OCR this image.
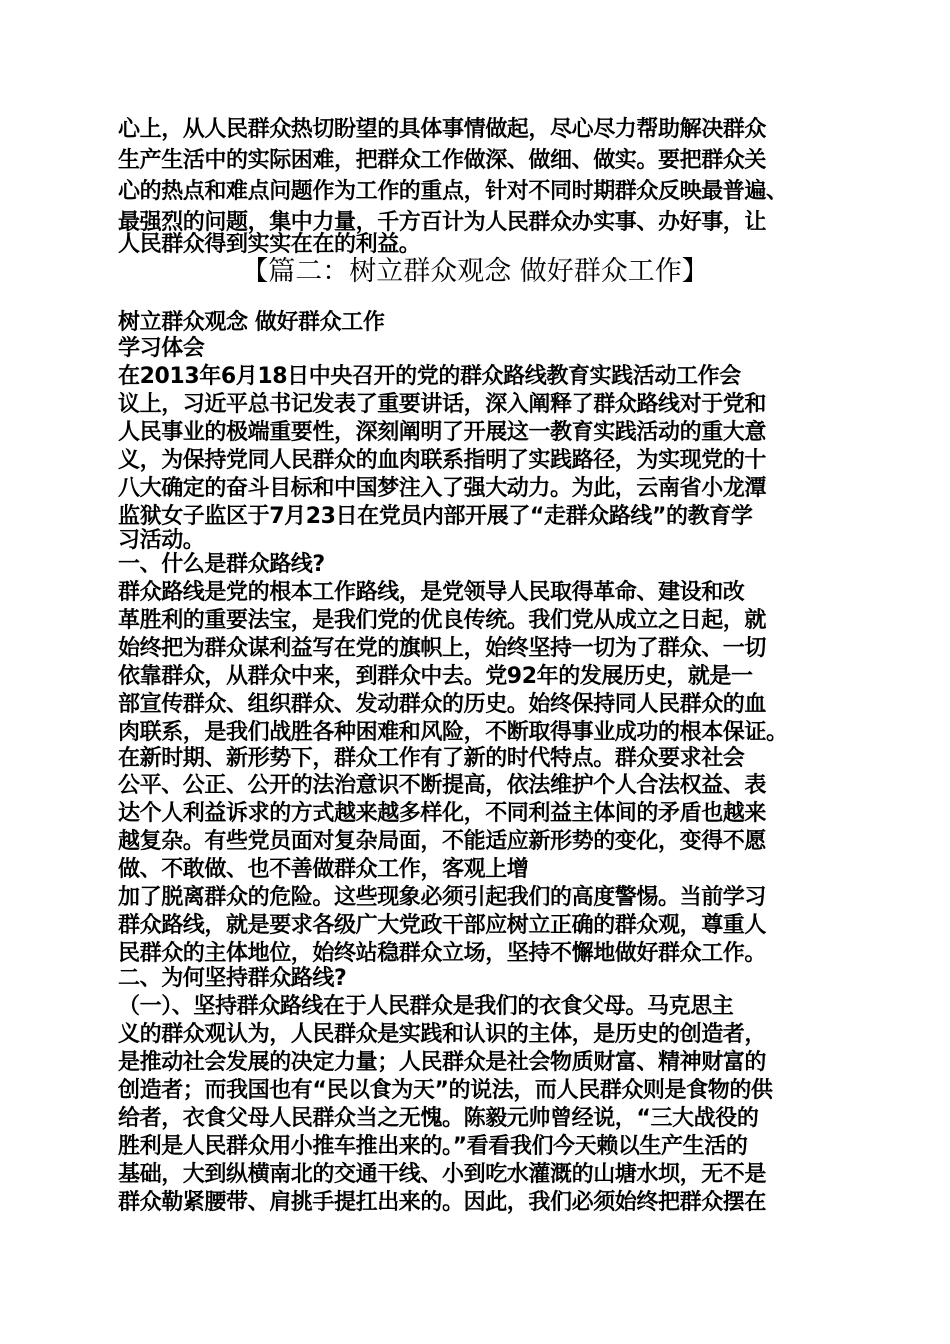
心上，从人民群众热切盼望的具体事情做起，尽心尽力帮助解决群众
生产生活中的实际困难，把群众工作做深、做细、做实。要把群众关
心的热点和难点问题作为工作的重点，针对不同时期群众反映最普遍、
最强烈的问题，集中力量，千方百计为人民群众办实事、办好事，让
人民群众得到实实在在的利益。
【篇二：树立群众观念 做好群众工作】
树立群众观念 做好群众工作
学习体会
在2013年6月18日中央召开的党的群众路线教育实践活动工作会
议上，习近平总书记发表了重要讲话，深入阐释了群众路线对于党和
人民事业的极端重要性，深刻阐明了开展这一教育实践活动的重大意
义，为保持党同人民群众的血肉联系指明了实践路径，为实现党的十
八大确定的奋斗目标和中国梦注入了强大动力。为此，云南省小龙潭
监狱女子监区于7月23日在党员内部开展了“走群众路线”的教育学
习活动。
一、什么是群众路线?
群众路线是党的根本工作路线，是党领导人民取得革命、建设和改
革胜利的重要法宝，是我们党的优良传统。我们党从成立之日起，就
始终把为群众谋利益写在党的旗帜上，始终坚持一切为了群众、一切
依靠群众，从群众中来，到群众中去。党92年的发展历史，就是一
部宣传群众、组织群众、发动群众的历史。始终保持同人民群众的血
肉联系，是我们战胜各种困难和风险，不断取得事业成功的根本保证。
在新时期、新形势下，群众工作有了新的时代特点。群众要求社会
公平、公正、公开的法治意识不断提高，依法维护个人合法权益、表
达个人利益诉求的方式越来越多样化，不同利益主体间的矛盾也越来
越复杂。有些党员面对复杂局面，不能适应新形势的变化，变得不愿
做、不敢做、也不善做群众工作，客观上增
加了脱离群众的危险。这些现象必须引起我们的高度警惕。当前学习
群众路线，就是要求各级广大党政干部应树立正确的群众观，尊重人
民群众的主体地位，始终站稳群众立场，坚持不懈地做好群众工作。
二、为何坚持群众路线?
（一）、坚持群众路线在于人民群众是我们的衣食父母。马克思主
义的群众观认为，人民群众是实践和认识的主体，是历史的创造者，
是推动社会发展的决定力量；人民群众是社会物质财富、精神财富的
创造者；而我国也有“民以食为天”的说法，而人民群众则是食物的供
给者，衣食父母人民群众当之无愧。陈毅元帅曾经说，“三大战役的
胜利是人民群众用小推车推出来的。”看看我们今天赖以生产生活的
基础，大到纵横南北的交通干线、小到吃水灌溉的山塘水坝，无不是
群众勒紧腰带、肩挑手提扛出来的。因此，我们必须始终把群众摆在
